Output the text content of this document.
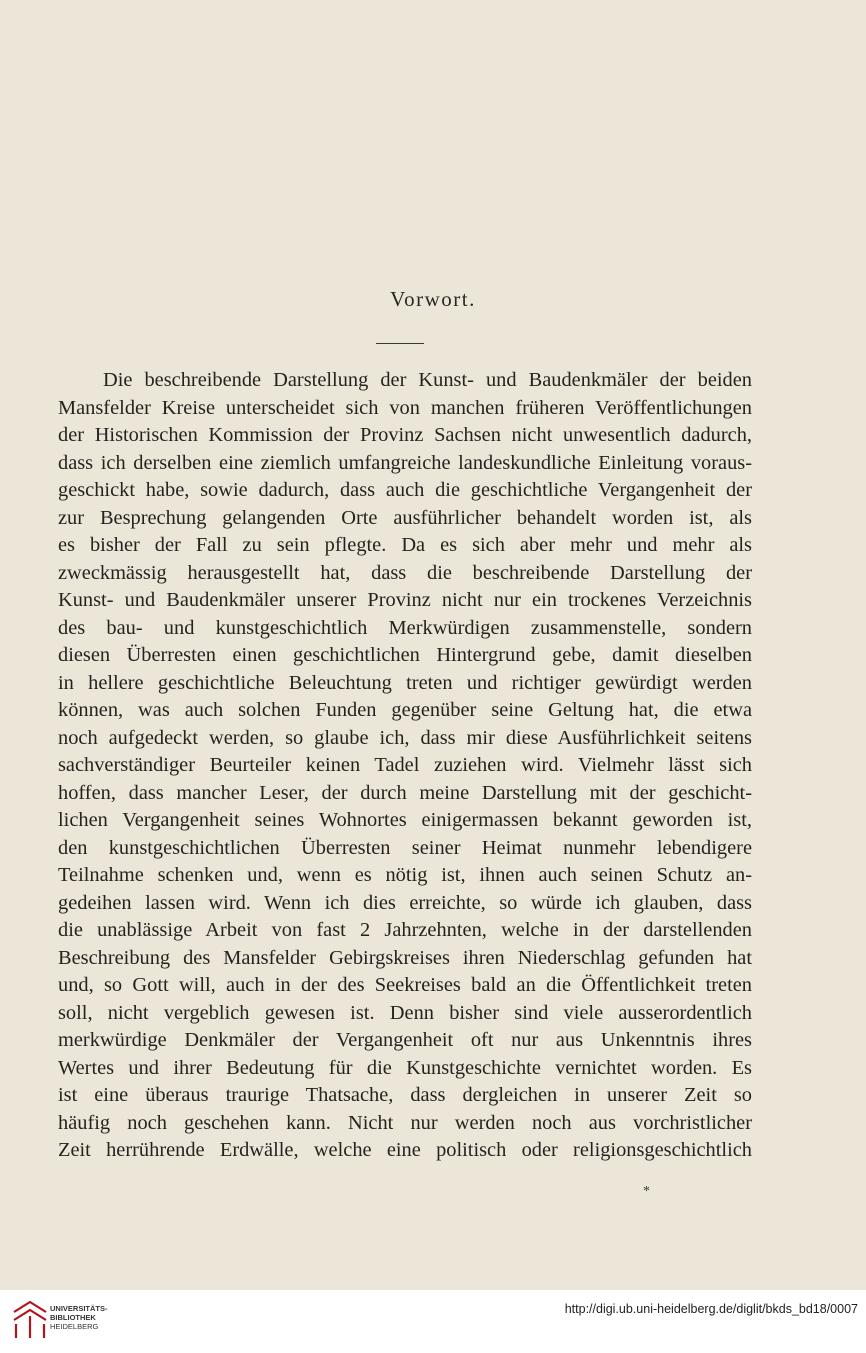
Vorwort.
Die beschreibende Darstellung der Kunst- und Baudenkmäler der beiden
Mansfelder Kreise unterscheidet sich von manchen früheren Veröffentlichungen
der Historischen Kommission der Provinz Sachsen nicht unwesentlich dadurch,
dass ich derselben eine ziemlich umfangreiche landeskundliche Einleitung voraus-
geschickt habe, sowie dadurch, dass auch die geschichtliche Vergangenheit der
zur Besprechung gelangenden Orte ausführlicher behandelt worden ist, als
es bisher der Fall zu sein pflegte. Da es sich aber mehr und mehr als
zweckmässig herausgestellt hat, dass die beschreibende Darstellung der
Kunst- und Baudenkmäler unserer Provinz nicht nur ein trockenes Verzeichnis
des bau- und kunstgeschichtlich Merkwürdigen zusammenstelle, sondern
diesen Überresten einen geschichtlichen Hintergrund gebe, damit dieselben
in hellere geschichtliche Beleuchtung treten und richtiger gewürdigt werden
können, was auch solchen Funden gegenüber seine Geltung hat, die etwa
noch aufgedeckt werden, so glaube ich, dass mir diese Ausführlichkeit seitens
sachverständiger Beurteiler keinen Tadel zuziehen wird. Vielmehr lässt sich
hoffen, dass mancher Leser, der durch meine Darstellung mit der geschicht-
lichen Vergangenheit seines Wohnortes einigermassen bekannt geworden ist,
den kunstgeschichtlichen Überresten seiner Heimat nunmehr lebendigere
Teilnahme schenken und, wenn es nötig ist, ihnen auch seinen Schutz an-
gedeihen lassen wird. Wenn ich dies erreichte, so würde ich glauben, dass
die unablässige Arbeit von fast 2 Jahrzehnten, welche in der darstellenden
Beschreibung des Mansfelder Gebirgskreises ihren Niederschlag gefunden hat
und, so Gott will, auch in der des Seekreises bald an die Öffentlichkeit treten
soll, nicht vergeblich gewesen ist. Denn bisher sind viele ausserordentlich
merkwürdige Denkmäler der Vergangenheit oft nur aus Unkenntnis ihres
Wertes und ihrer Bedeutung für die Kunstgeschichte vernichtet worden. Es
ist eine überaus traurige Thatsache, dass dergleichen in unserer Zeit so
häufig noch geschehen kann. Nicht nur werden noch aus vorchristlicher
Zeit herrührende Erdwälle, welche eine politisch oder religionsgeschichtlich
*
UNIVERSITÄTS-
BIBLIOTHEK
HEIDELBERG
http://digi.ub.uni-heidelberg.de/diglit/bkds_bd18/0007
